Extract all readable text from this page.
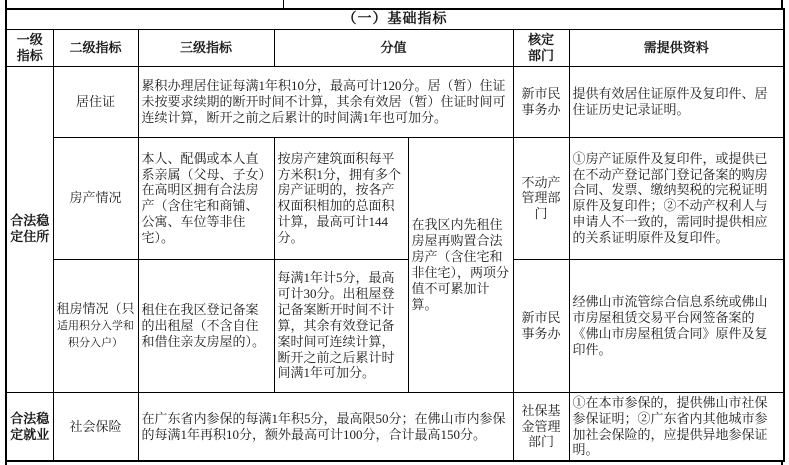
（一）基础指标						
一级指标	二级指标	三级指标	分值		核定部门	需提供资料
合法稳定住所	居住证	累积办理居住证每满1年积10分，最高可计120分。居（暂）住证未按要求续期的断开时间不计算，其余有效居（暂）住证时间可连续计算，断开之前之后累计的时间满1年也可加分。			新市民事务办	提供有效居住证原件及复印件、居住证历史记录证明。
	房产情况	本人、配偶或本人直系亲属（父母、子女）在高明区拥有合法房产（含住宅和商铺、公寓、车位等非住宅）。	按房产建筑面积每平方米积1分，拥有多个房产证明的，按各产权面积相加的总面积计算，最高可计144分。	在我区内先租住房屋再购置合法房产（含住宅和非住宅），两项分值不可累加计算。	不动产管理部门	①房产证原件及复印件，或提供已在不动产登记部门登记备案的购房合同、发票、缴纳契税的完税证明原件及复印件；②不动产权利人与申请人不一致的，需同时提供相应的关系证明原件及复印件。
	租房情况（只适用积分入学和积分入户）	租住在我区登记备案的出租屋（不含自住和借住亲友房屋的）。	每满1年计5分，最高可计30分。出租屋登记备案断开时间不计算，其余有效登记备案时间可连续计算，断开之前之后累计时间满1年可加分。		新市民事务办	经佛山市流管综合信息系统或佛山市房屋租赁交易平台网签备案的《佛山市房屋租赁合同》原件及复印件。
合法稳定就业	社会保险	在广东省内参保的每满1年积5分，最高限50分；在佛山市内参保的每满1年再积10分，额外最高可计100分，合计最高150分。			社保基金管理部门	①在本市参保的，提供佛山市社保参保证明；②广东省内其他城市参加社会保险的，应提供异地参保证明。
